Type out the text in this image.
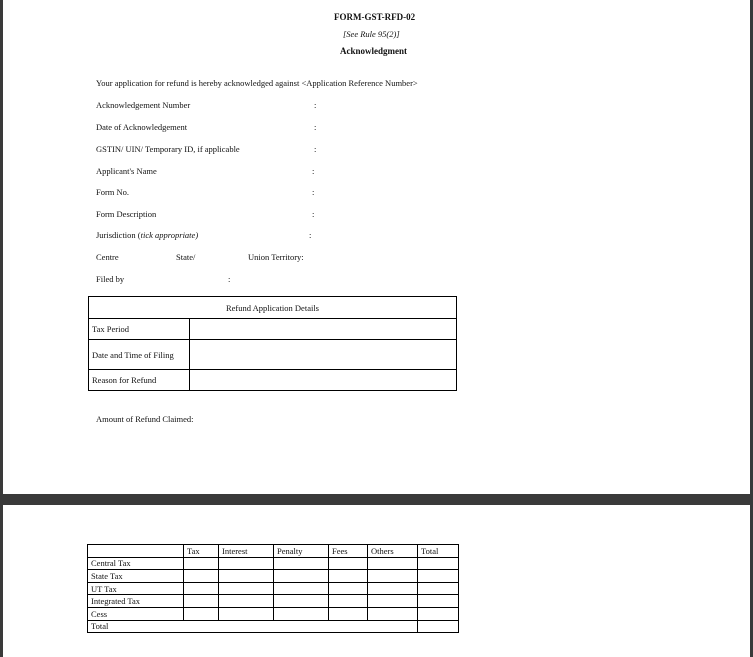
FORM-GST-RFD-02
[See Rule 95(2)]
Acknowledgment
Your application for refund is hereby acknowledged against <Application Reference Number>
Acknowledgement Number	:
Date of Acknowledgement	:
GSTIN/ UIN/ Temporary ID, if applicable	:
Applicant's Name	:
Form No.	:
Form Description	:
Jurisdiction (tick appropriate)	:
Centre	State/	Union Territory:
Filed by	:
Refund Application Details	
Tax Period	
Date and Time of Filing	
Reason for Refund	
Amount of Refund Claimed:
	Tax	Interest	Penalty	Fees	Others	Total
Central Tax						
State Tax						
UT Tax						
Integrated Tax						
Cess						
Total						
